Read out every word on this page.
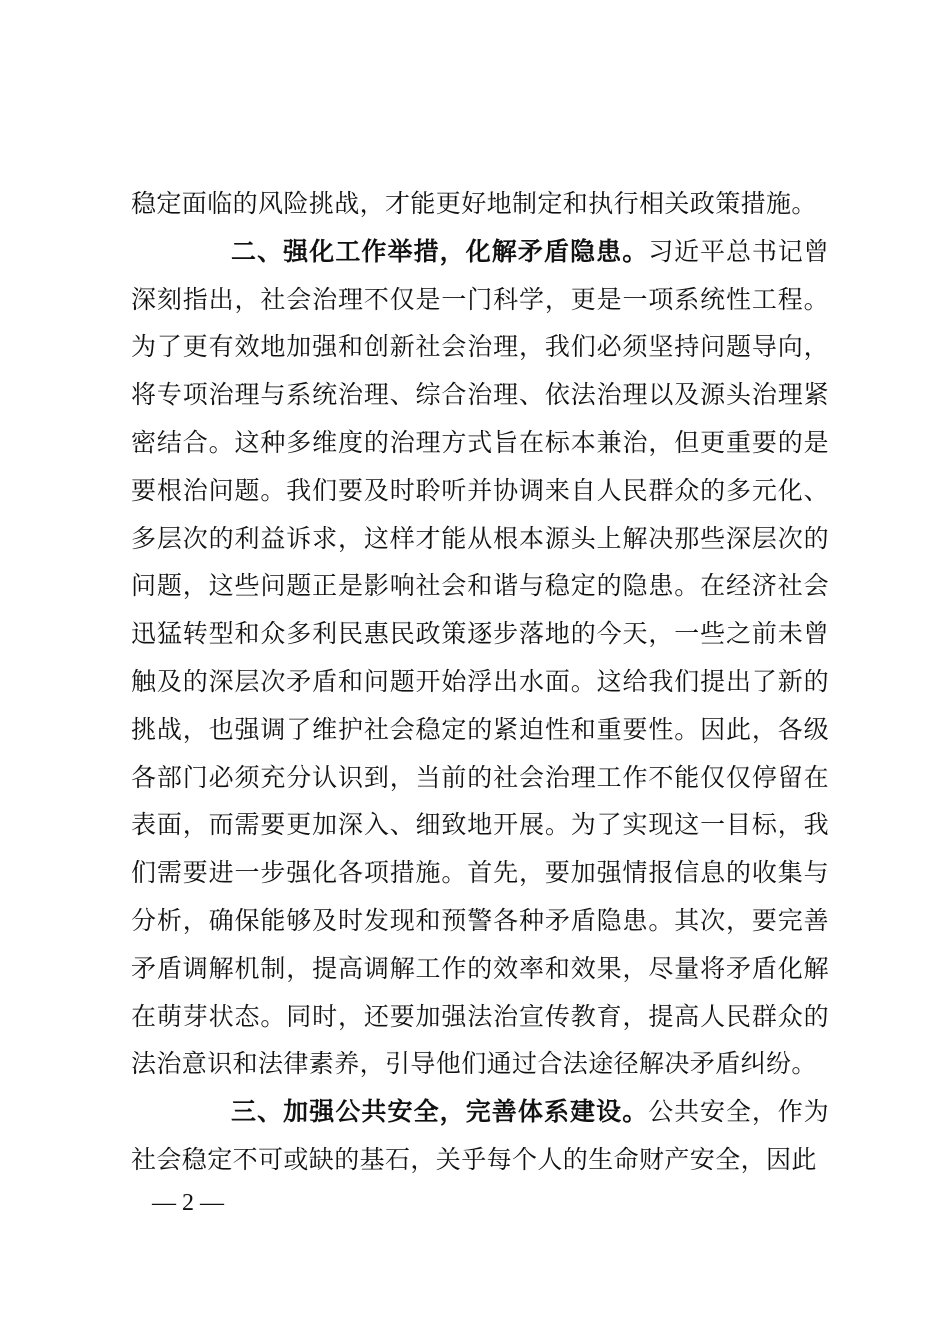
稳定面临的风险挑战，才能更好地制定和执行相关政策措施。

二、强化工作举措，化解矛盾隐患。习近平总书记曾深刻指出，社会治理不仅是一门科学，更是一项系统性工程。为了更有效地加强和创新社会治理，我们必须坚持问题导向，将专项治理与系统治理、综合治理、依法治理以及源头治理紧密结合。这种多维度的治理方式旨在标本兼治，但更重要的是要根治问题。我们要及时聆听并协调来自人民群众的多元化、多层次的利益诉求，这样才能从根本源头上解决那些深层次的问题，这些问题正是影响社会和谐与稳定的隐患。在经济社会迅猛转型和众多利民惠民政策逐步落地的今天，一些之前未曾触及的深层次矛盾和问题开始浮出水面。这给我们提出了新的挑战，也强调了维护社会稳定的紧迫性和重要性。因此，各级各部门必须充分认识到，当前的社会治理工作不能仅仅停留在表面，而需要更加深入、细致地开展。为了实现这一目标，我们需要进一步强化各项措施。首先，要加强情报信息的收集与分析，确保能够及时发现和预警各种矛盾隐患。其次，要完善矛盾调解机制，提高调解工作的效率和效果，尽量将矛盾化解在萌芽状态。同时，还要加强法治宣传教育，提高人民群众的法治意识和法律素养，引导他们通过合法途径解决矛盾纠纷。

三、加强公共安全，完善体系建设。公共安全，作为社会稳定不可或缺的基石，关乎每个人的生命财产安全，因此

— 2 —
